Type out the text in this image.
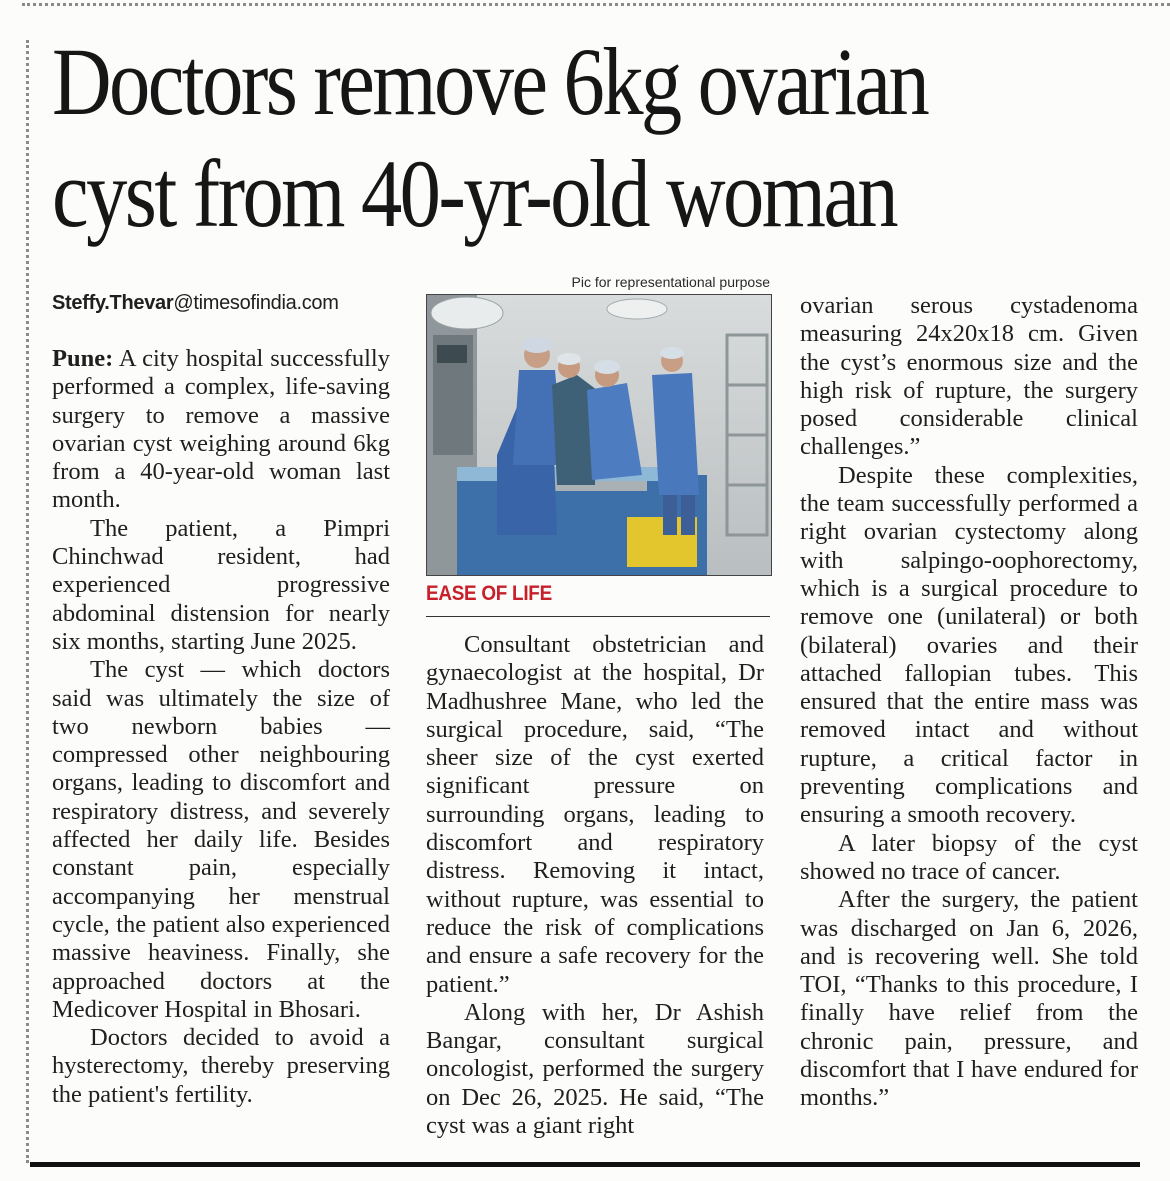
Doctors remove 6kg ovarian
cyst from 40-yr-old woman
Steffy.Thevar@timesofindia.com

Pune: A city hospital successfully performed a complex, life-saving surgery to remove a massive ovarian cyst weighing around 6kg from a 40-year-old woman last month.

The patient, a Pimpri Chinchwad resident, had experienced progressive abdominal distension for nearly six months, starting June 2025.

The cyst — which doctors said was ultimately the size of two newborn babies — compressed other neighbouring organs, leading to discomfort and respiratory distress, and severely affected her daily life. Besides constant pain, especially accompanying her menstrual cycle, the patient also experienced massive heaviness. Finally, she approached doctors at the Medicover Hospital in Bhosari.

Doctors decided to avoid a hysterectomy, thereby preserving the patient's fertility.

Pic for representational purpose
EASE OF LIFE

Consultant obstetrician and gynaecologist at the hospital, Dr Madhushree Mane, who led the surgical procedure, said, “The sheer size of the cyst exerted significant pressure on surrounding organs, leading to discomfort and respiratory distress. Removing it intact, without rupture, was essential to reduce the risk of complications and ensure a safe recovery for the patient.”

Along with her, Dr Ashish Bangar, consultant surgical oncologist, performed the surgery on Dec 26, 2025. He said, “The cyst was a giant right

ovarian serous cystadenoma measuring 24x20x18 cm. Given the cyst’s enormous size and the high risk of rupture, the surgery posed considerable clinical challenges.”

Despite these complexities, the team successfully performed a right ovarian cystectomy along with salpingo-oophorectomy, which is a surgical procedure to remove one (unilateral) or both (bilateral) ovaries and their attached fallopian tubes. This ensured that the entire mass was removed intact and without rupture, a critical factor in preventing complications and ensuring a smooth recovery.

A later biopsy of the cyst showed no trace of cancer.

After the surgery, the patient was discharged on Jan 6, 2026, and is recovering well. She told TOI, “Thanks to this procedure, I finally have relief from the chronic pain, pressure, and discomfort that I have endured for months.”
